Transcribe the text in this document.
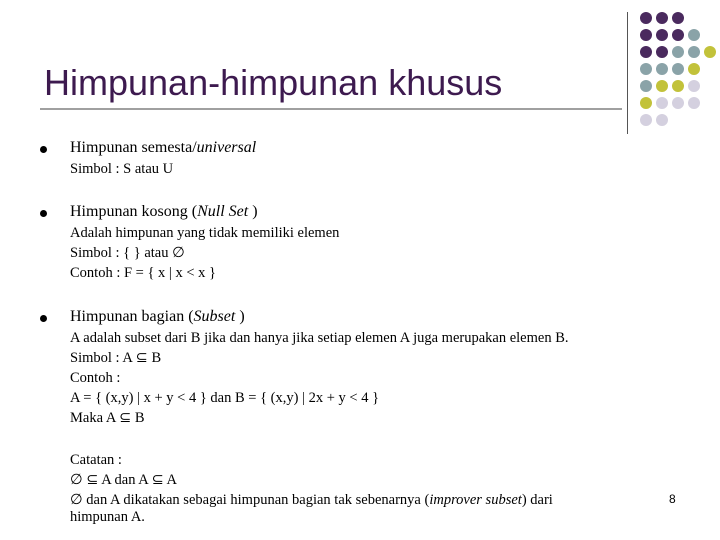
Himpunan-himpunan khusus
Himpunan semesta/universal
Simbol : S atau U
Himpunan kosong (Null Set )
Adalah himpunan yang tidak memiliki elemen
Simbol : { } atau ∅
Contoh : F = { x | x < x }
Himpunan bagian (Subset )
A adalah subset dari B jika dan hanya jika setiap elemen A juga merupakan elemen B.
Simbol : A ⊆ B
Contoh :
A = { (x,y) | x + y < 4 } dan B = { (x,y) | 2x + y < 4 }
Maka A ⊆ B
Catatan :
∅ ⊆ A dan A ⊆ A
∅ dan A dikatakan sebagai himpunan bagian tak sebenarnya (improver subset) dari
himpunan A.
8
